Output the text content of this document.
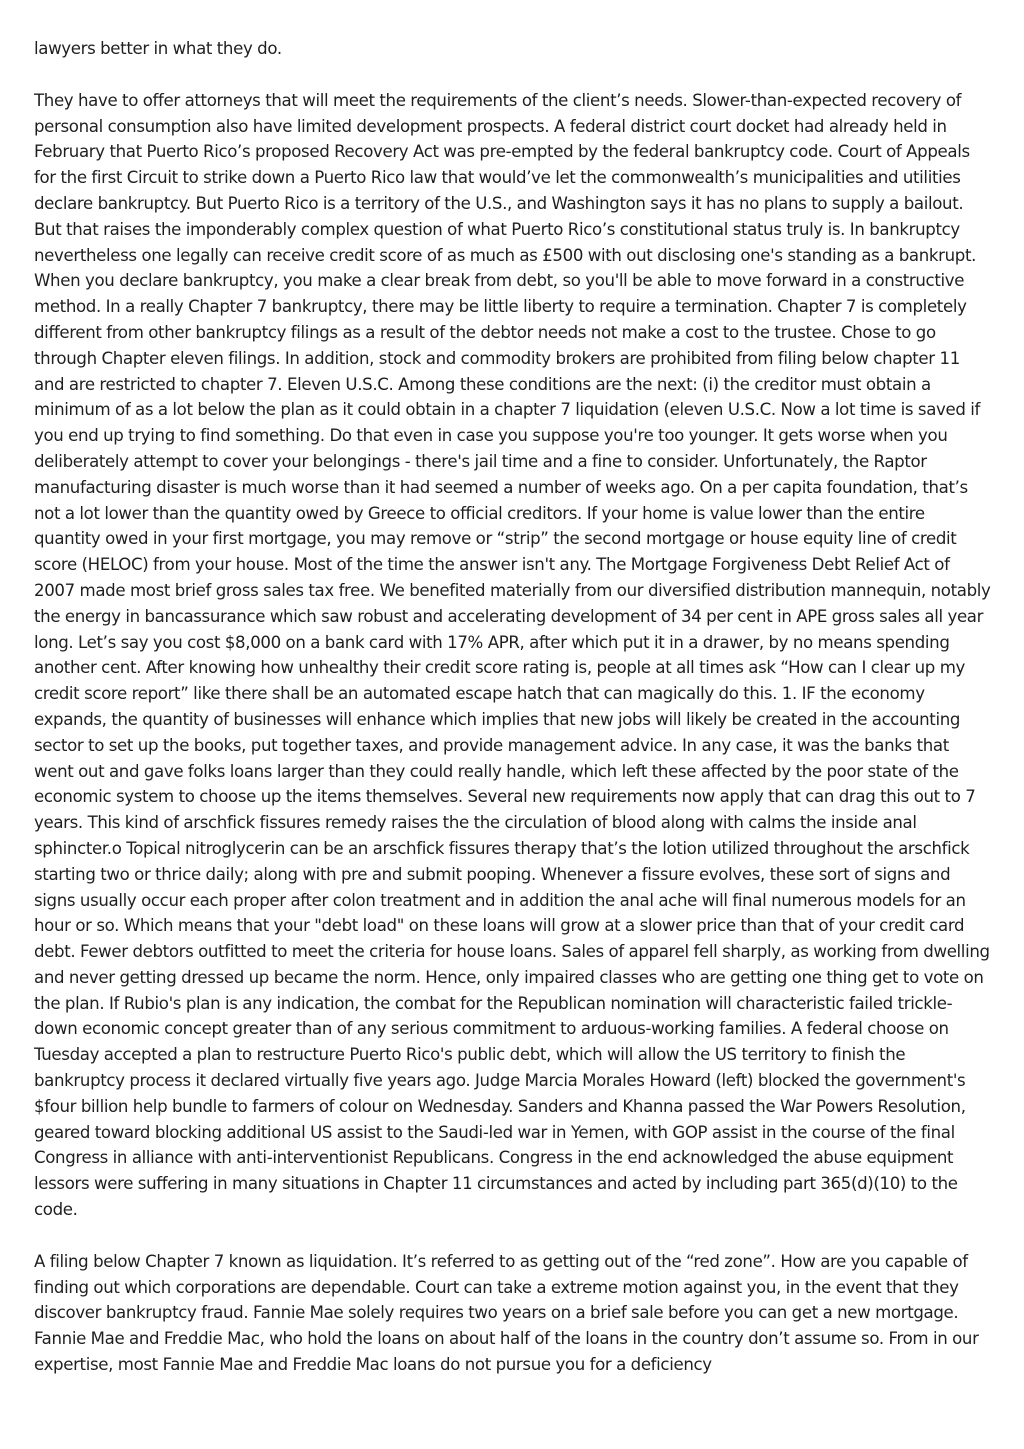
lawyers better in what they do.

They have to offer attorneys that will meet the requirements of the client’s needs. Slower-than-expected recovery of personal consumption also have limited development prospects. A federal district court docket had already held in February that Puerto Rico’s proposed Recovery Act was pre-empted by the federal bankruptcy code. Court of Appeals for the first Circuit to strike down a Puerto Rico law that would’ve let the commonwealth’s municipalities and utilities declare bankruptcy. But Puerto Rico is a territory of the U.S., and Washington says it has no plans to supply a bailout. But that raises the imponderably complex question of what Puerto Rico’s constitutional status truly is. In bankruptcy nevertheless one legally can receive credit score of as much as £500 with out disclosing one's standing as a bankrupt. When you declare bankruptcy, you make a clear break from debt, so you'll be able to move forward in a constructive method. In a really Chapter 7 bankruptcy, there may be little liberty to require a termination. Chapter 7 is completely different from other bankruptcy filings as a result of the debtor needs not make a cost to the trustee. Chose to go through Chapter eleven filings. In addition, stock and commodity brokers are prohibited from filing below chapter 11 and are restricted to chapter 7. Eleven U.S.C. Among these conditions are the next: (i) the creditor must obtain a minimum of as a lot below the plan as it could obtain in a chapter 7 liquidation (eleven U.S.C. Now a lot time is saved if you end up trying to find something. Do that even in case you suppose you're too younger. It gets worse when you deliberately attempt to cover your belongings - there's jail time and a fine to consider. Unfortunately, the Raptor manufacturing disaster is much worse than it had seemed a number of weeks ago. On a per capita foundation, that’s not a lot lower than the quantity owed by Greece to official creditors. If your home is value lower than the entire quantity owed in your first mortgage, you may remove or “strip” the second mortgage or house equity line of credit score (HELOC) from your house. Most of the time the answer isn't any. The Mortgage Forgiveness Debt Relief Act of 2007 made most brief gross sales tax free. We benefited materially from our diversified distribution mannequin, notably the energy in bancassurance which saw robust and accelerating development of 34 per cent in APE gross sales all year long. Let’s say you cost $8,000 on a bank card with 17% APR, after which put it in a drawer, by no means spending another cent. After knowing how unhealthy their credit score rating is, people at all times ask “How can I clear up my credit score report” like there shall be an automated escape hatch that can magically do this. 1. IF the economy expands, the quantity of businesses will enhance which implies that new jobs will likely be created in the accounting sector to set up the books, put together taxes, and provide management advice. In any case, it was the banks that went out and gave folks loans larger than they could really handle, which left these affected by the poor state of the economic system to choose up the items themselves. Several new requirements now apply that can drag this out to 7 years. This kind of arschfick fissures remedy raises the the circulation of blood along with calms the inside anal sphincter.o Topical nitroglycerin can be an arschfick fissures therapy that’s the lotion utilized throughout the arschfick starting two or thrice daily; along with pre and submit pooping. Whenever a fissure evolves, these sort of signs and signs usually occur each proper after colon treatment and in addition the anal ache will final numerous models for an hour or so. Which means that your "debt load" on these loans will grow at a slower price than that of your credit card debt. Fewer debtors outfitted to meet the criteria for house loans. Sales of apparel fell sharply, as working from dwelling and never getting dressed up became the norm. Hence, only impaired classes who are getting one thing get to vote on the plan. If Rubio's plan is any indication, the combat for the Republican nomination will characteristic failed trickle-down economic concept greater than of any serious commitment to arduous-working families. A federal choose on Tuesday accepted a plan to restructure Puerto Rico's public debt, which will allow the US territory to finish the bankruptcy process it declared virtually five years ago. Judge Marcia Morales Howard (left) blocked the government's $four billion help bundle to farmers of colour on Wednesday. Sanders and Khanna passed the War Powers Resolution, geared toward blocking additional US assist to the Saudi-led war in Yemen, with GOP assist in the course of the final Congress in alliance with anti-interventionist Republicans. Congress in the end acknowledged the abuse equipment lessors were suffering in many situations in Chapter 11 circumstances and acted by including part 365(d)(10) to the code.

A filing below Chapter 7 known as liquidation. It’s referred to as getting out of the “red zone”. How are you capable of finding out which corporations are dependable. Court can take a extreme motion against you, in the event that they discover bankruptcy fraud. Fannie Mae solely requires two years on a brief sale before you can get a new mortgage. Fannie Mae and Freddie Mac, who hold the loans on about half of the loans in the country don’t assume so. From in our expertise, most Fannie Mae and Freddie Mac loans do not pursue you for a deficiency
